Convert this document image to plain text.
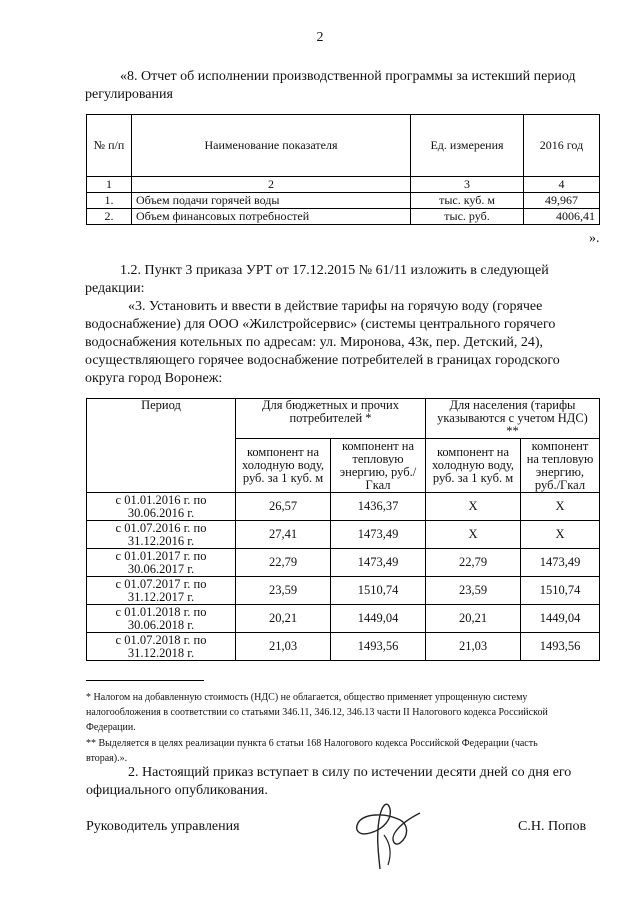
2
«8. Отчет об исполнении производственной программы за истекший период
регулирования
№ п/п	Наименование показателя	Ед. измерения	2016 год
1	2	3	4
1.	Объем подачи горячей воды	тыс. куб. м	49,967
2.	Объем финансовых потребностей	тыс. руб.	4006,41
».
1.2. Пункт 3 приказа УРТ от 17.12.2015 № 61/11 изложить в следующей
редакции:
«3. Установить и ввести в действие тарифы на горячую воду (горячее
водоснабжение) для ООО «Жилстройсервис» (системы центрального горячего
водоснабжения котельных по адресам: ул. Миронова, 43к, пер. Детский, 24),
осуществляющего горячее водоснабжение потребителей в границах городского
округа город Воронеж:
Период	Для бюджетных и прочих потребителей *		Для населения (тарифы указываются с учетом НДС) **	
	компонент на холодную воду, руб. за 1 куб. м	компонент на тепловую энергию, руб./Гкал	компонент на холодную воду, руб. за 1 куб. м	компонент на тепловую энергию, руб./Гкал

с 01.01.2016 г. по
30.06.2016 г.	26,57	1436,37	X	X

с 01.07.2016 г. по
31.12.2016 г.	27,41	1473,49	X	X

с 01.01.2017 г. по
30.06.2017 г.	22,79	1473,49	22,79	1473,49

с 01.07.2017 г. по
31.12.2017 г.	23,59	1510,74	23,59	1510,74

с 01.01.2018 г. по
30.06.2018 г.	20,21	1449,04	20,21	1449,04

с 01.07.2018 г. по
31.12.2018 г.	21,03	1493,56	21,03	1493,56
* Налогом на добавленную стоимость (НДС) не облагается, общество применяет упрощенную систему
налогообложения в соответствии со статьями 346.11, 346.12, 346.13 части II Налогового кодекса Российской
Федерации.
** Выделяется в целях реализации пункта 6 статьи 168 Налогового кодекса Российской Федерации (часть
вторая).».
2. Настоящий приказ вступает в силу по истечении десяти дней со дня его
официального опубликования.
Руководитель управления	С.Н. Попов
